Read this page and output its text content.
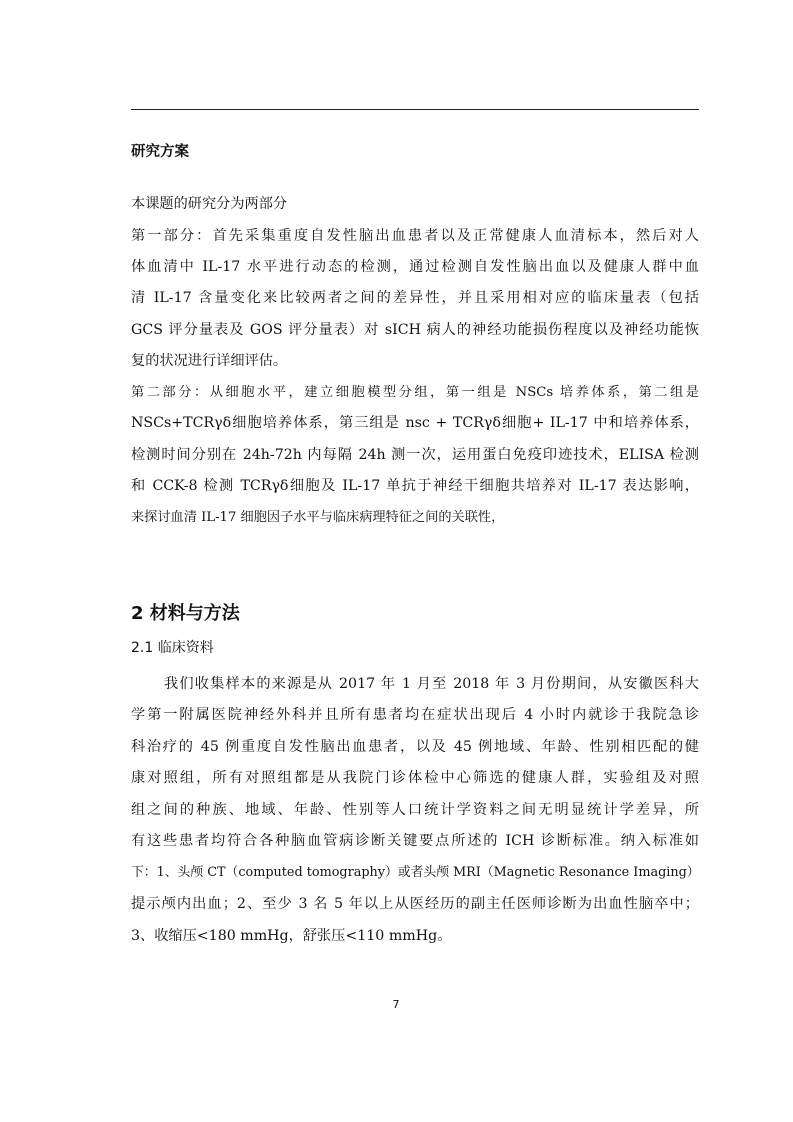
研究方案
本课题的研究分为两部分
第一部分：首先采集重度自发性脑出血患者以及正常健康人血清标本，然后对人
体血清中 IL-17 水平进行动态的检测，通过检测自发性脑出血以及健康人群中血
清 IL-17 含量变化来比较两者之间的差异性，并且采用相对应的临床量表（包括
GCS 评分量表及 GOS 评分量表）对 sICH 病人的神经功能损伤程度以及神经功能恢
复的状况进行详细评估。
第二部分：从细胞水平，建立细胞模型分组，第一组是 NSCs 培养体系，第二组是
NSCs+TCRγδ细胞培养体系，第三组是 nsc + TCRγδ细胞+ IL-17 中和培养体系，
检测时间分别在 24h-72h 内每隔 24h 测一次，运用蛋白免疫印迹技术，ELISA 检测
和 CCK-8 检测 TCRγδ细胞及 IL-17 单抗于神经干细胞共培养对 IL-17 表达影响，
来探讨血清 IL-17 细胞因子水平与临床病理特征之间的关联性，
2 材料与方法
2.1 临床资料
我们收集样本的来源是从 2017 年 1 月至 2018 年 3 月份期间，从安徽医科大
学第一附属医院神经外科并且所有患者均在症状出现后 4 小时内就诊于我院急诊
科治疗的 45 例重度自发性脑出血患者，以及 45 例地域、年龄、性别相匹配的健
康对照组，所有对照组都是从我院门诊体检中心筛选的健康人群，实验组及对照
组之间的种族、地域、年龄、性别等人口统计学资料之间无明显统计学差异，所
有这些患者均符合各种脑血管病诊断关键要点所述的 ICH 诊断标准。纳入标准如
下：1、头颅 CT（computed tomography）或者头颅 MRI（Magnetic Resonance Imaging）
提示颅内出血；2、至少 3 名 5 年以上从医经历的副主任医师诊断为出血性脑卒中；
3、收缩压<180 mmHg，舒张压<110 mmHg。
7
